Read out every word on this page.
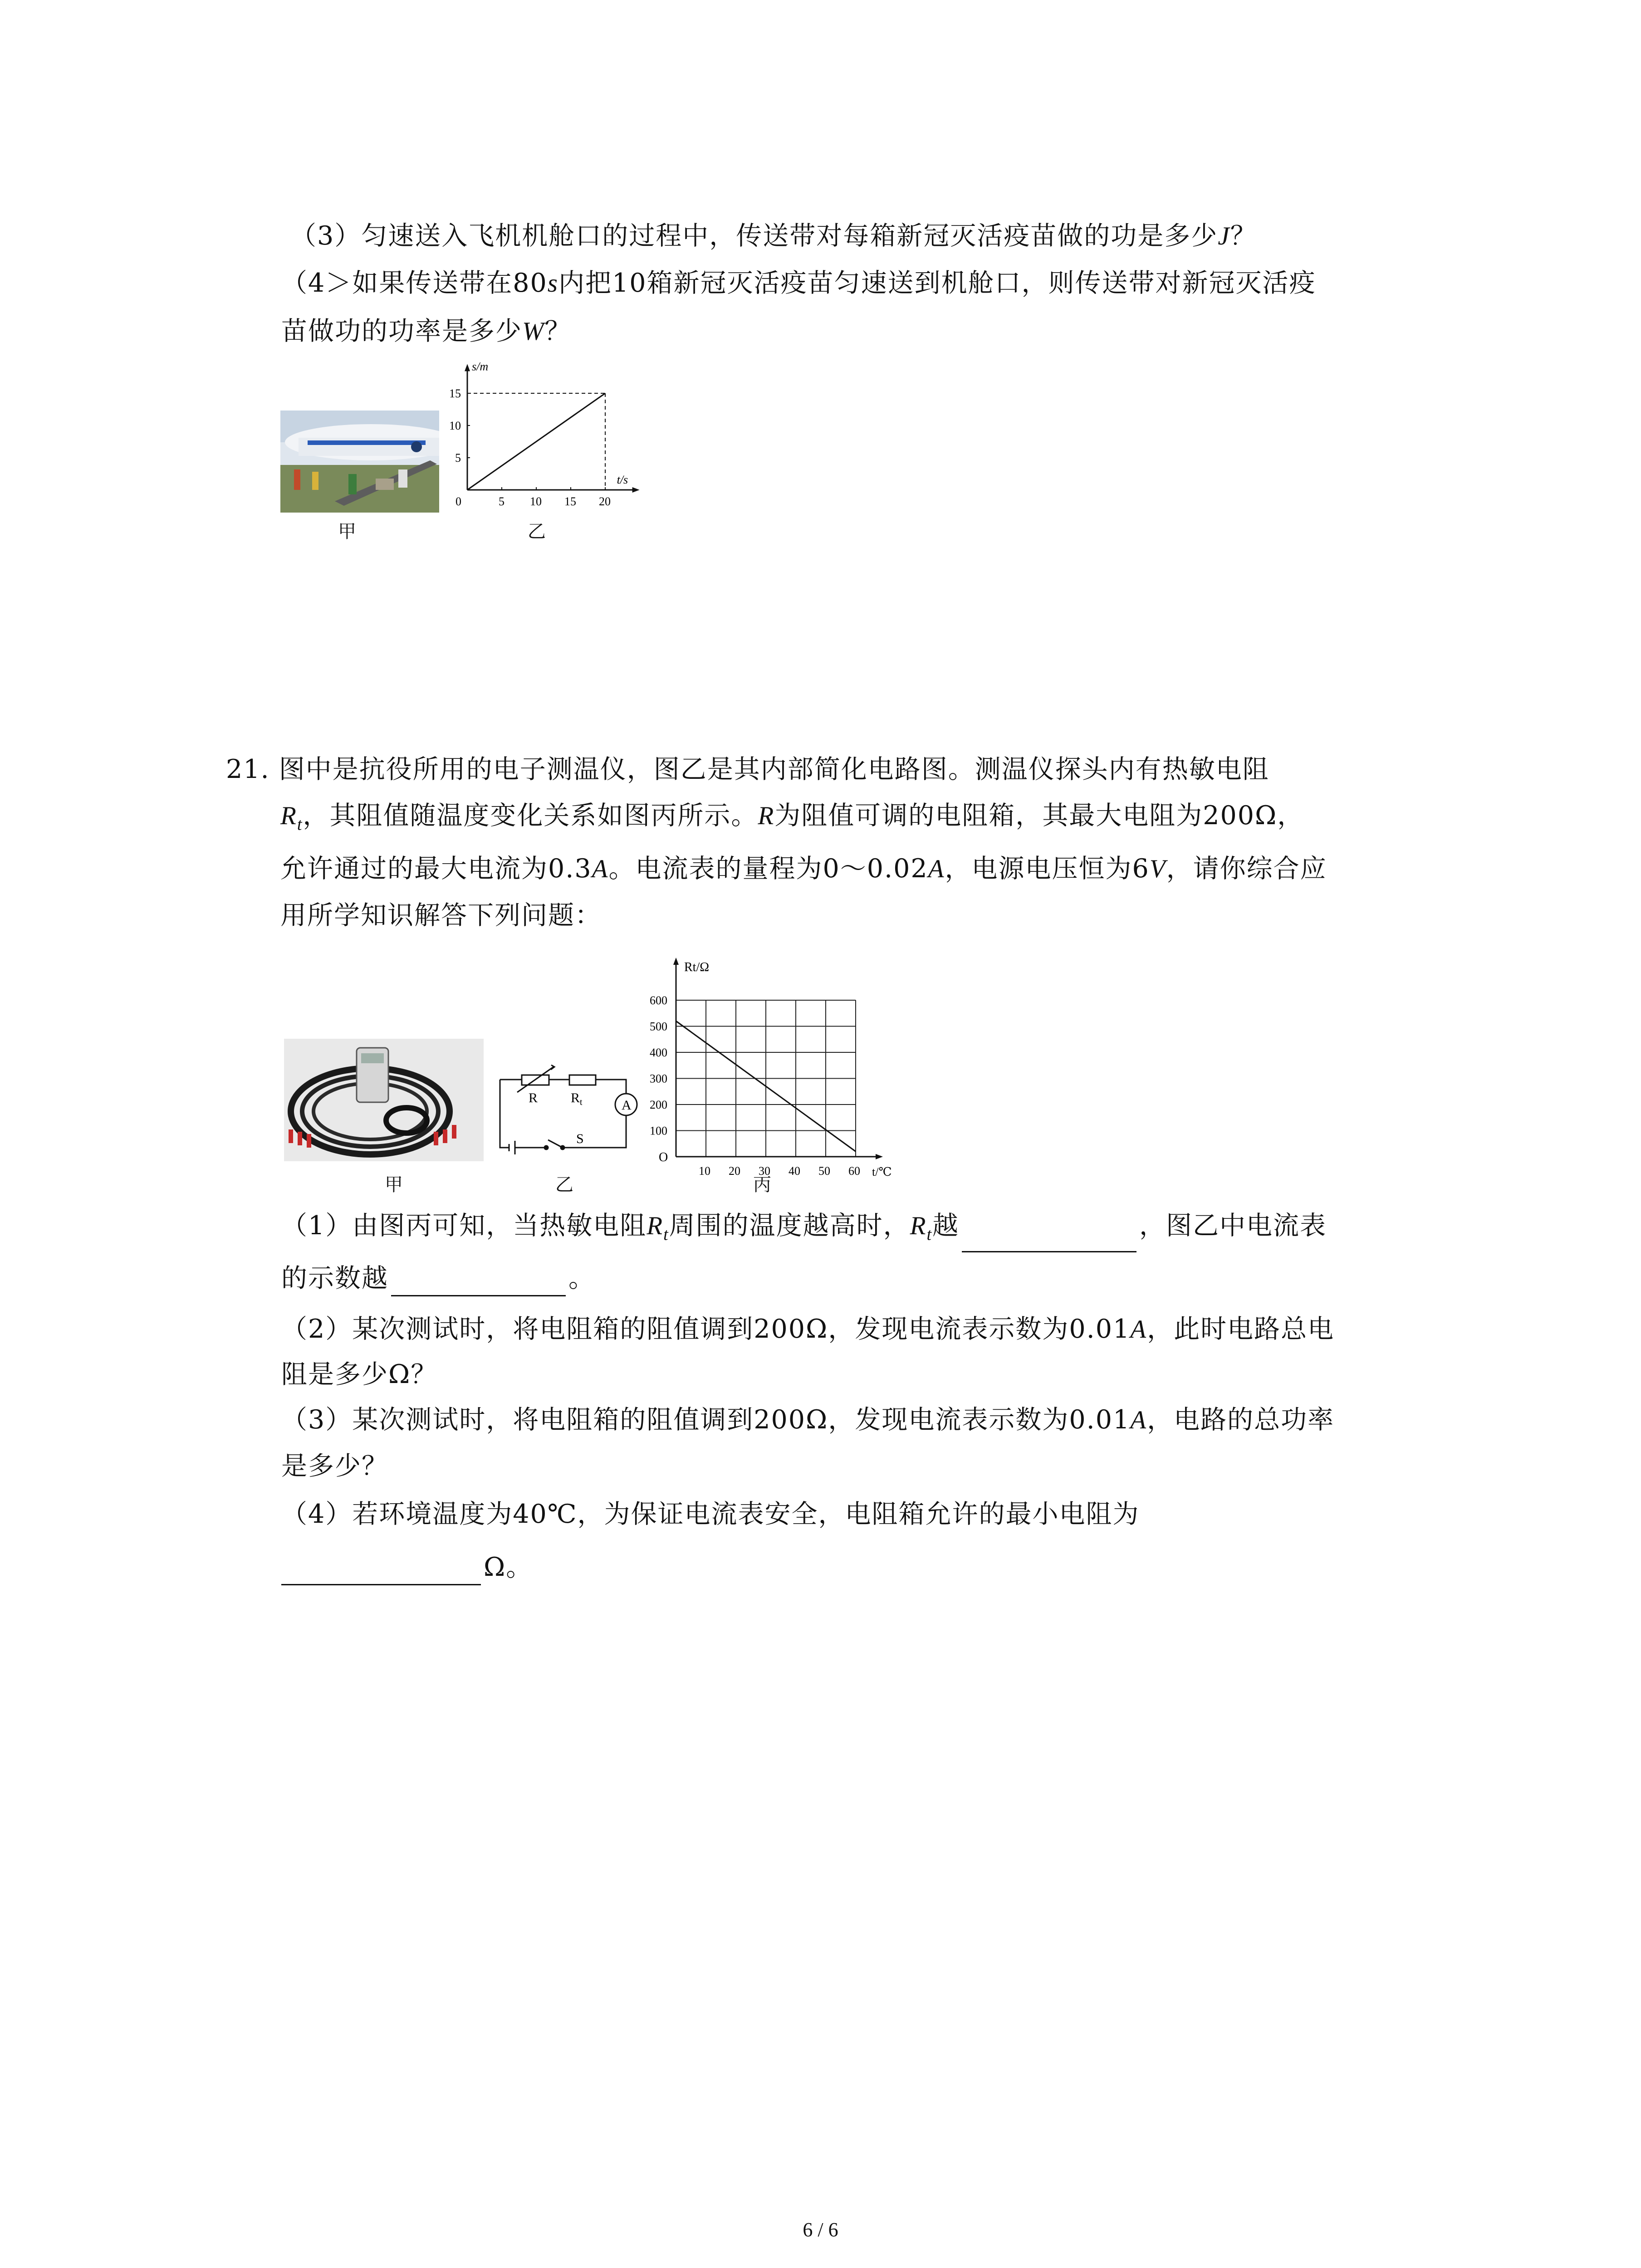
（3）匀速送入飞机机舱口的过程中，传送带对每箱新冠灭活疫苗做的功是多少J？
（4＞如果传送带在80s内把10箱新冠灭活疫苗匀速送到机舱口，则传送带对新冠灭活疫
苗做功的功率是多少W？
甲
s/m
t/s
0	5 10 15 20
5
10
15
乙
21. 图中是抗役所用的电子测温仪，图乙是其内部简化电路图。测温仪探头内有热敏电阻
$R_t$，其阻值随温度变化关系如图丙所示。R为阻值可调的电阻箱，其最大电阻为200Ω，
允许通过的最大电流为0.3A。电流表的量程为0～0.02A，电源电压恒为6V，请你综合应
用所学知识解答下列问题：
甲
R $R_t$	A
S
乙
Rt/Ω
t/℃
O
10 20 30 40 50 60
100
200
300
400
500
600
丙
（1）由图丙可知，当热敏电阻$R_t$周围的温度越高时，$R_t$越	，图乙中电流表
的示数越	。
（2）某次测试时，将电阻箱的阻值调到200Ω，发现电流表示数为0.01A，此时电路总电
阻是多少Ω？
（3）某次测试时，将电阻箱的阻值调到200Ω，发现电流表示数为0.01A，电路的总功率
是多少？
（4）若环境温度为40℃，为保证电流表安全，电阻箱允许的最小电阻为
Ω。
6 / 6
